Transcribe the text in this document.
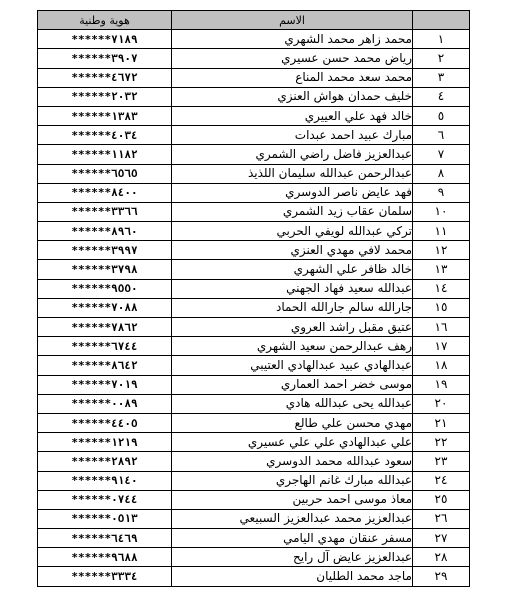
هوية وطنية	الاسم	
******٧١٨٩	محمد زاهر محمد الشهري	١
******٣٩٠٧	رياض محمد حسن عسيري	٢
******٤٦٧٢	محمد سعد محمد المناع	٣
******٢٠٣٢	خليف حمدان هواش العنزي	٤
******١٣٨٣	خالد فهد علي العييري	٥
******٤٠٣٤	مبارك عبيد احمد عبدات	٦
******١١٨٢	عبدالعزيز فاضل راضي الشمري	٧
******٦٥٦٥	عبدالرحمن عبدالله سليمان اللذيذ	٨
******٨٤٠٠	فهد عايض ناصر الدوسري	٩
******٣٣٦٦	سلمان عقاب زيد الشمري	١٠
******٨٩٦٠	تركي عبدالله لويفي الحربي	١١
******٣٩٩٧	محمد لافي مهدي العنزي	١٢
******٣٧٩٨	خالد ظافر علي الشهري	١٣
******٩٥٥٠	عبدالله سعيد فهاد الجهني	١٤
******٧٠٨٨	جارالله سالم جارالله الحماد	١٥
******٧٨٦٢	عتيق مقبل راشد العروي	١٦
******٦٧٤٤	رهف عبدالرحمن سعيد الشهري	١٧
******٨٦٤٢	عبدالهادي عبيد عبدالهادي العتيبي	١٨
******٧٠١٩	موسى خضر احمد العماري	١٩
******٠٠٨٩	عبدالله يحى عبدالله هادي	٢٠
******٤٤٠٥	مهدي محسن علي طالع	٢١
******١٢١٩	علي عبدالهادي علي علي عسيري	٢٢
******٢٨٩٢	سعود عبدالله محمد الدوسري	٢٣
******٩١٤٠	عبدالله مبارك غانم الهاجري	٢٤
******٠٧٤٤	معاذ موسى احمد حربين	٢٥
******٠٥١٣	عبدالعزيز محمد عبدالعزيز السبيعي	٢٦
******٦٤٦٩	مسفر عنقان مهدي اليامي	٢٧
******٩٦٨٨	عبدالعزيز عايض آل رايح	٢٨
******٣٣٣٤	ماجد محمد الطليان	٢٩
